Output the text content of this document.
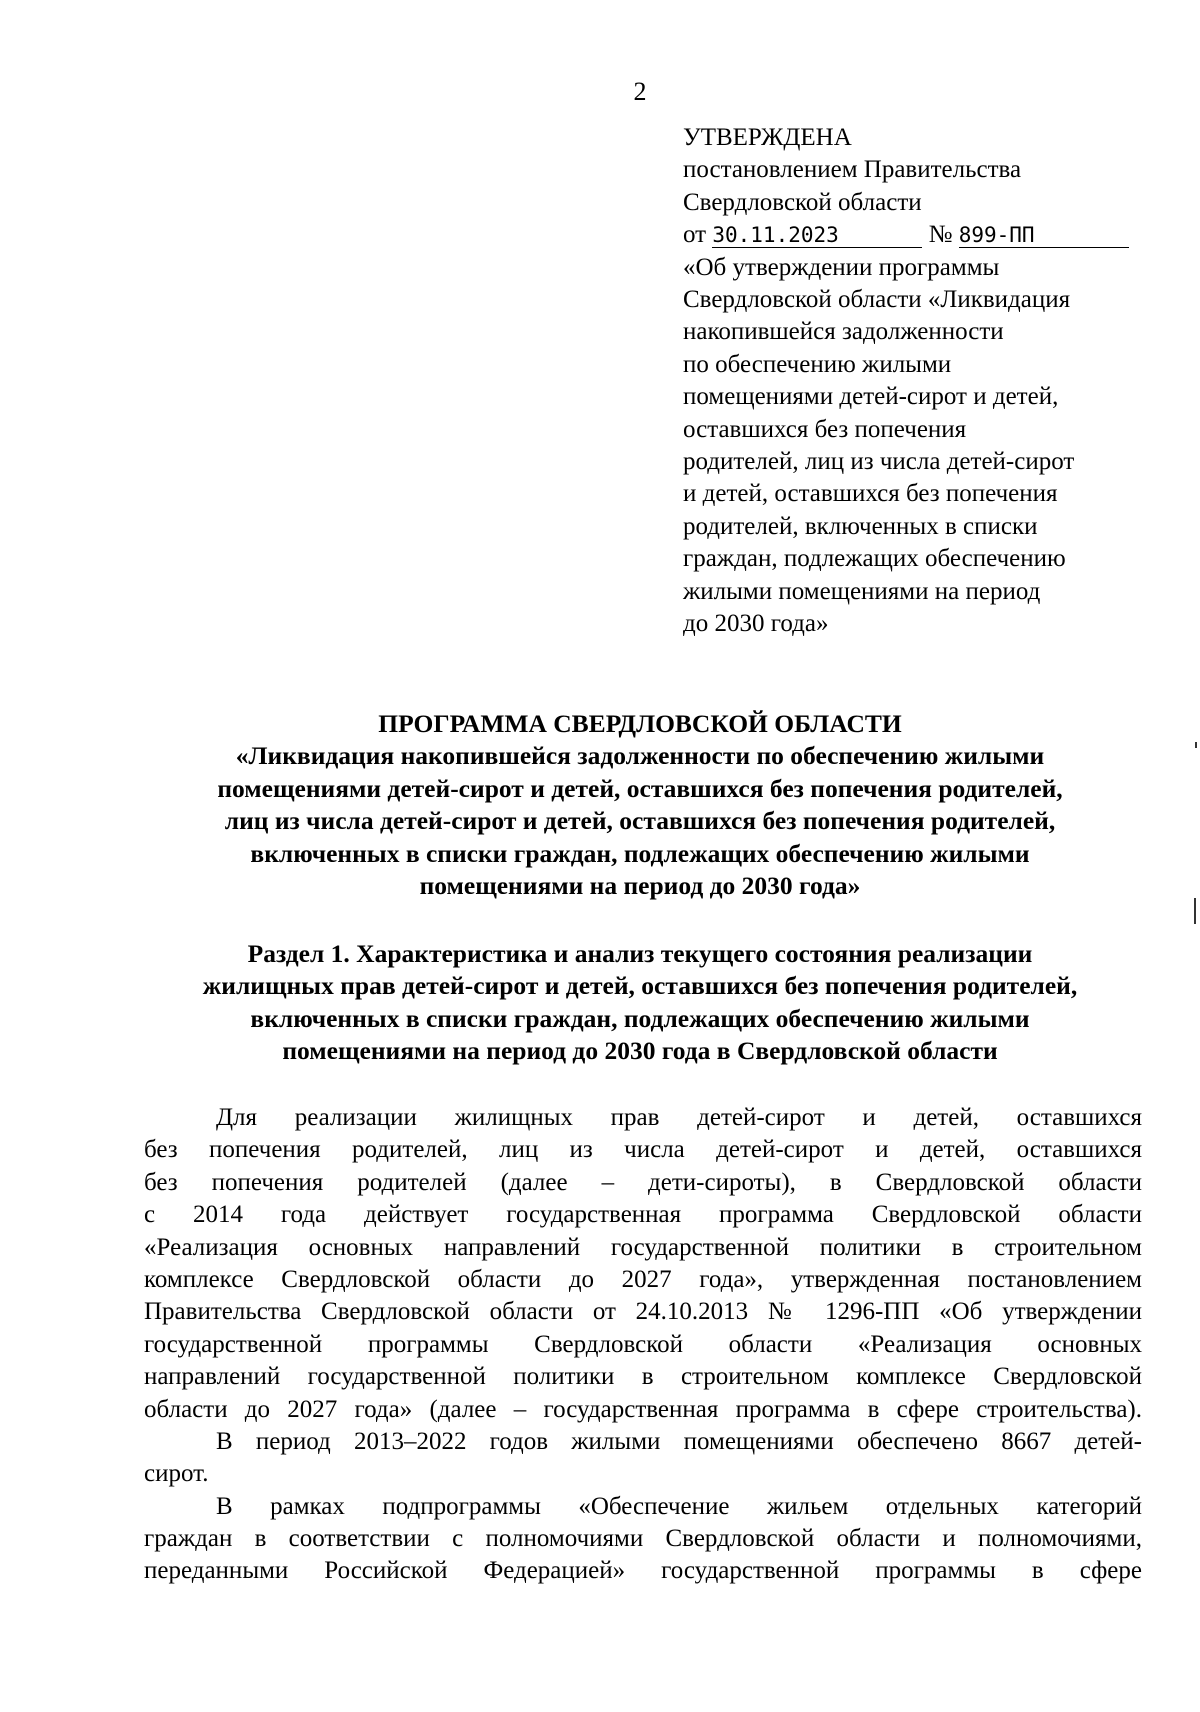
2
УТВЕРЖДЕНА
постановлением Правительства
Свердловской области
от 30.11.2023	№ 899-ПП
«Об утверждении программы
Свердловской области «Ликвидация
накопившейся задолженности
по обеспечению жилыми
помещениями детей-сирот и детей,
оставшихся без попечения
родителей, лиц из числа детей-сирот
и детей, оставшихся без попечения
родителей, включенных в списки
граждан, подлежащих обеспечению
жилыми помещениями на период
до 2030 года»
ПРОГРАММА СВЕРДЛОВСКОЙ ОБЛАСТИ
«Ликвидация накопившейся задолженности по обеспечению жилыми
помещениями детей-сирот и детей, оставшихся без попечения родителей,
лиц из числа детей-сирот и детей, оставшихся без попечения родителей,
включенных в списки граждан, подлежащих обеспечению жилыми
помещениями на период до 2030 года»
Раздел 1. Характеристика и анализ текущего состояния реализации
жилищных прав детей-сирот и детей, оставшихся без попечения родителей,
включенных в списки граждан, подлежащих обеспечению жилыми
помещениями на период до 2030 года в Свердловской области
Для реализации жилищных прав детей-сирот и детей, оставшихся
без попечения родителей, лиц из числа детей-сирот и детей, оставшихся
без попечения родителей (далее – дети-сироты), в Свердловской области
с 2014 года действует государственная программа Свердловской области
«Реализация основных направлений государственной политики в строительном
комплексе Свердловской области до 2027 года», утвержденная постановлением
Правительства Свердловской области от 24.10.2013 № 1296-ПП «Об утверждении
государственной программы Свердловской области «Реализация основных
направлений государственной политики в строительном комплексе Свердловской
области до 2027 года» (далее – государственная программа в сфере строительства).
В период 2013–2022 годов жилыми помещениями обеспечено 8667 детей-
сирот.
В рамках подпрограммы «Обеспечение жильем отдельных категорий
граждан в соответствии с полномочиями Свердловской области и полномочиями,
переданными Российской Федерацией» государственной программы в сфере
